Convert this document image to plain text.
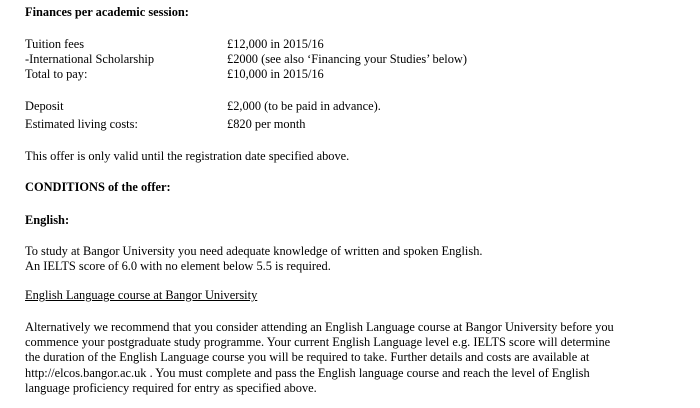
Finances per academic session:
Tuition fees	£12,000 in 2015/16
-International Scholarship	£2000 (see also ‘Financing your Studies’ below)
Total to pay:	£10,000 in 2015/16
Deposit	£2,000 (to be paid in advance).
Estimated living costs:	£820 per month
This offer is only valid until the registration date specified above.
CONDITIONS of the offer:
English:
To study at Bangor University you need adequate knowledge of written and spoken English.
An IELTS score of 6.0 with no element below 5.5 is required.
English Language course at Bangor University
Alternatively we recommend that you consider attending an English Language course at Bangor University before you
commence your postgraduate study programme. Your current English Language level e.g. IELTS score will determine
the duration of the English Language course you will be required to take. Further details and costs are available at
http://elcos.bangor.ac.uk . You must complete and pass the English language course and reach the level of English
language proficiency required for entry as specified above.
